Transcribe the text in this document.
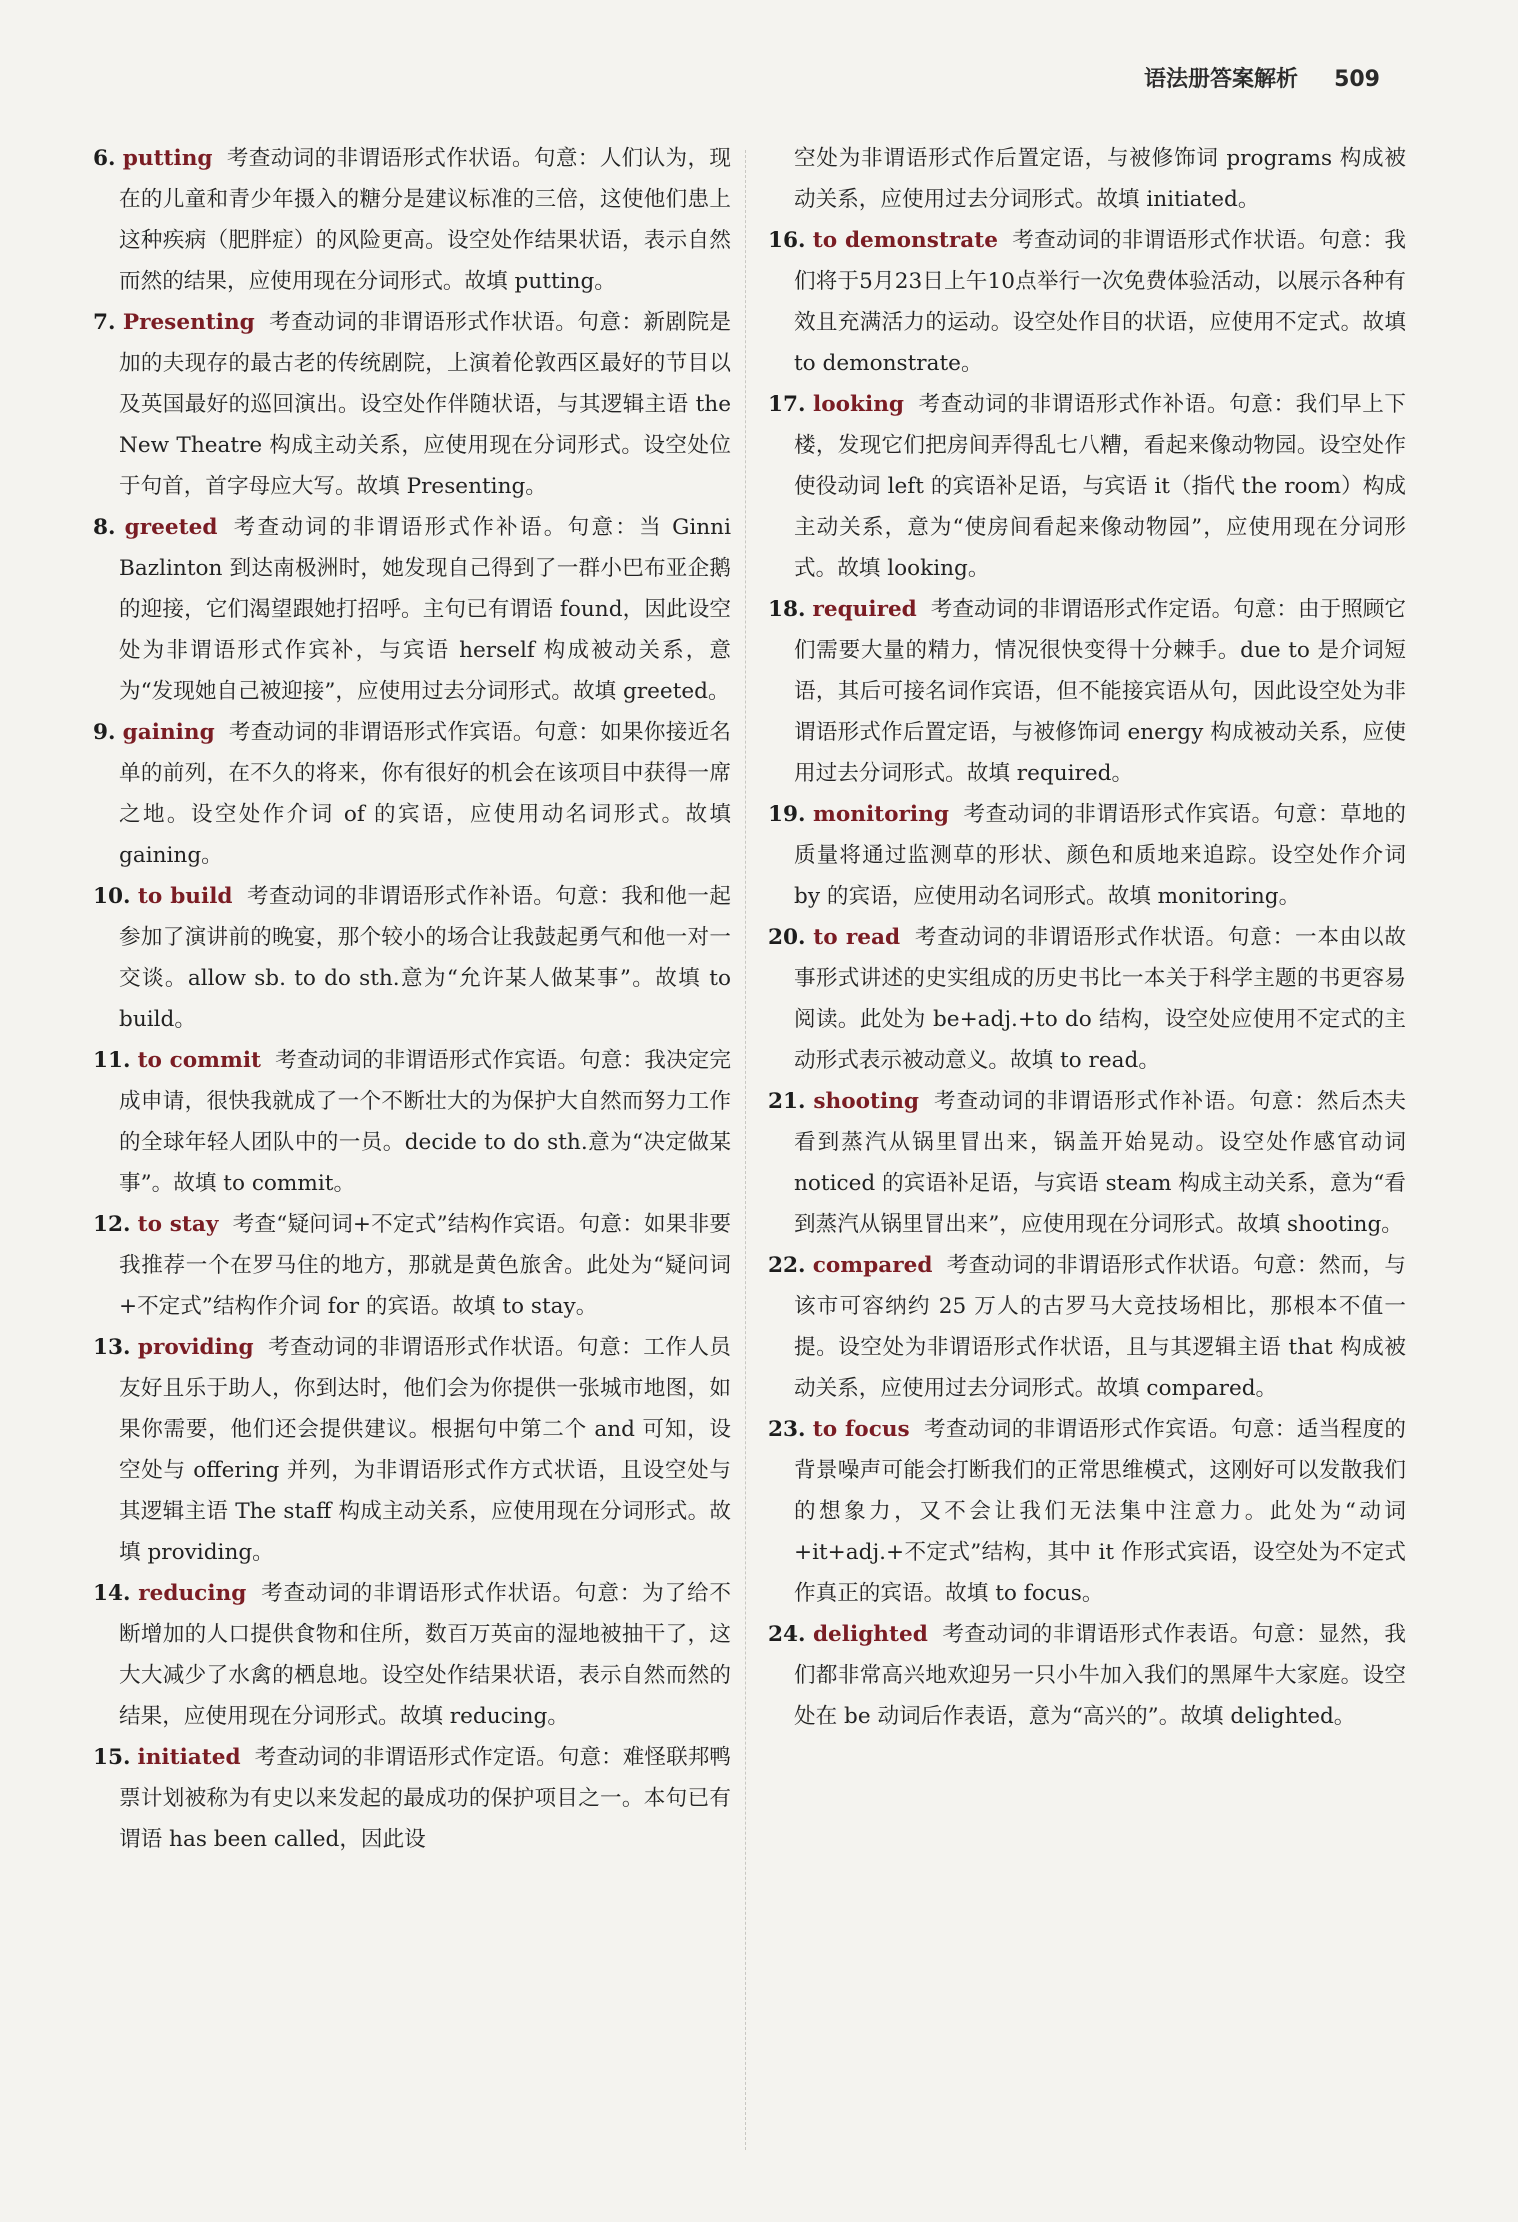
语法册答案解析 509

6. putting 考查动词的非谓语形式作状语。句意：人们认为，现在的儿童和青少年摄入的糖分是建议标准的三倍，这使他们患上这种疾病（肥胖症）的风险更高。设空处作结果状语，表示自然而然的结果，应使用现在分词形式。故填 putting。

7. Presenting 考查动词的非谓语形式作状语。句意：新剧院是加的夫现存的最古老的传统剧院，上演着伦敦西区最好的节目以及英国最好的巡回演出。设空处作伴随状语，与其逻辑主语 the New Theatre 构成主动关系，应使用现在分词形式。设空处位于句首，首字母应大写。故填 Presenting。

8. greeted 考查动词的非谓语形式作补语。句意：当 Ginni Bazlinton 到达南极洲时，她发现自己得到了一群小巴布亚企鹅的迎接，它们渴望跟她打招呼。主句已有谓语 found，因此设空处为非谓语形式作宾补，与宾语 herself 构成被动关系，意为“发现她自己被迎接”，应使用过去分词形式。故填 greeted。

9. gaining 考查动词的非谓语形式作宾语。句意：如果你接近名单的前列，在不久的将来，你有很好的机会在该项目中获得一席之地。设空处作介词 of 的宾语，应使用动名词形式。故填 gaining。

10. to build 考查动词的非谓语形式作补语。句意：我和他一起参加了演讲前的晚宴，那个较小的场合让我鼓起勇气和他一对一交谈。allow sb. to do sth.意为“允许某人做某事”。故填 to build。

11. to commit 考查动词的非谓语形式作宾语。句意：我决定完成申请，很快我就成了一个不断壮大的为保护大自然而努力工作的全球年轻人团队中的一员。decide to do sth.意为“决定做某事”。故填 to commit。

12. to stay 考查“疑问词+不定式”结构作宾语。句意：如果非要我推荐一个在罗马住的地方，那就是黄色旅舍。此处为“疑问词+不定式”结构作介词 for 的宾语。故填 to stay。

13. providing 考查动词的非谓语形式作状语。句意：工作人员友好且乐于助人，你到达时，他们会为你提供一张城市地图，如果你需要，他们还会提供建议。根据句中第二个 and 可知，设空处与 offering 并列，为非谓语形式作方式状语，且设空处与其逻辑主语 The staff 构成主动关系，应使用现在分词形式。故填 providing。

14. reducing 考查动词的非谓语形式作状语。句意：为了给不断增加的人口提供食物和住所，数百万英亩的湿地被抽干了，这大大减少了水禽的栖息地。设空处作结果状语，表示自然而然的结果，应使用现在分词形式。故填 reducing。

15. initiated 考查动词的非谓语形式作定语。句意：难怪联邦鸭票计划被称为有史以来发起的最成功的保护项目之一。本句已有谓语 has been called，因此设

空处为非谓语形式作后置定语，与被修饰词 programs 构成被动关系，应使用过去分词形式。故填 initiated。

16. to demonstrate 考查动词的非谓语形式作状语。句意：我们将于5月23日上午10点举行一次免费体验活动，以展示各种有效且充满活力的运动。设空处作目的状语，应使用不定式。故填 to demonstrate。

17. looking 考查动词的非谓语形式作补语。句意：我们早上下楼，发现它们把房间弄得乱七八糟，看起来像动物园。设空处作使役动词 left 的宾语补足语，与宾语 it（指代 the room）构成主动关系，意为“使房间看起来像动物园”，应使用现在分词形式。故填 looking。

18. required 考查动词的非谓语形式作定语。句意：由于照顾它们需要大量的精力，情况很快变得十分棘手。due to 是介词短语，其后可接名词作宾语，但不能接宾语从句，因此设空处为非谓语形式作后置定语，与被修饰词 energy 构成被动关系，应使用过去分词形式。故填 required。

19. monitoring 考查动词的非谓语形式作宾语。句意：草地的质量将通过监测草的形状、颜色和质地来追踪。设空处作介词 by 的宾语，应使用动名词形式。故填 monitoring。

20. to read 考查动词的非谓语形式作状语。句意：一本由以故事形式讲述的史实组成的历史书比一本关于科学主题的书更容易阅读。此处为 be+adj.+to do 结构，设空处应使用不定式的主动形式表示被动意义。故填 to read。

21. shooting 考查动词的非谓语形式作补语。句意：然后杰夫看到蒸汽从锅里冒出来，锅盖开始晃动。设空处作感官动词 noticed 的宾语补足语，与宾语 steam 构成主动关系，意为“看到蒸汽从锅里冒出来”，应使用现在分词形式。故填 shooting。

22. compared 考查动词的非谓语形式作状语。句意：然而，与该市可容纳约 25 万人的古罗马大竞技场相比，那根本不值一提。设空处为非谓语形式作状语，且与其逻辑主语 that 构成被动关系，应使用过去分词形式。故填 compared。

23. to focus 考查动词的非谓语形式作宾语。句意：适当程度的背景噪声可能会打断我们的正常思维模式，这刚好可以发散我们的想象力，又不会让我们无法集中注意力。此处为“动词+it+adj.+不定式”结构，其中 it 作形式宾语，设空处为不定式作真正的宾语。故填 to focus。

24. delighted 考查动词的非谓语形式作表语。句意：显然，我们都非常高兴地欢迎另一只小牛加入我们的黑犀牛大家庭。设空处在 be 动词后作表语，意为“高兴的”。故填 delighted。
